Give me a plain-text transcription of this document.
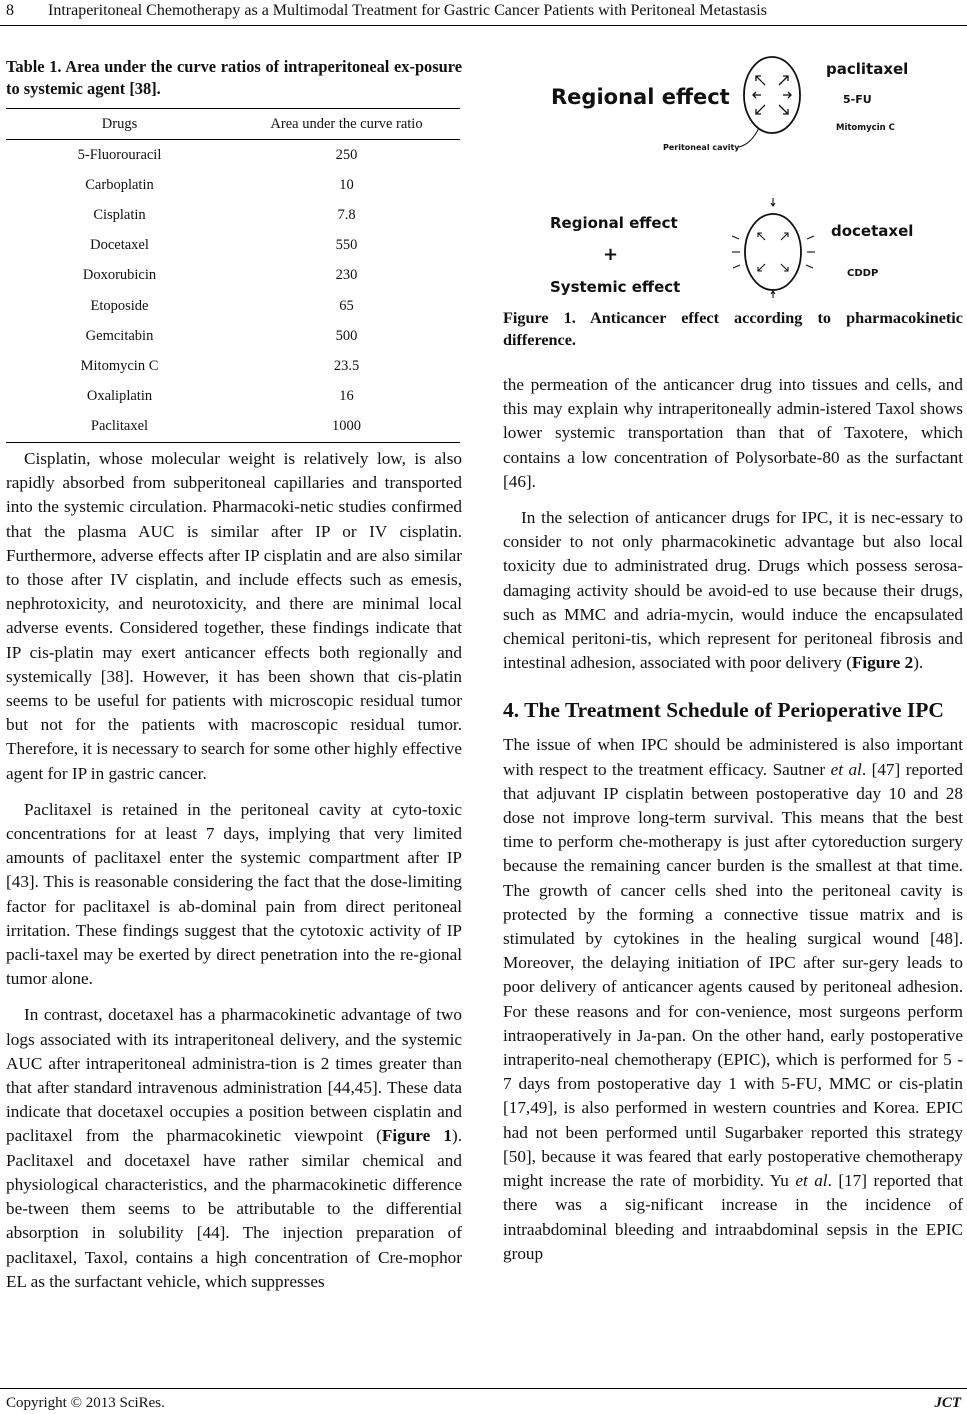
8 Intraperitoneal Chemotherapy as a Multimodal Treatment for Gastric Cancer Patients with Peritoneal Metastasis
Table 1. Area under the curve ratios of intraperitoneal ex-posure to systemic agent [38].
Drugs	Area under the curve ratio
5-Fluorouracil	250
Carboplatin	10
Cisplatin	7.8
Docetaxel	550
Doxorubicin	230
Etoposide	65
Gemcitabin	500
Mitomycin C	23.5
Oxaliplatin	16
Paclitaxel	1000

Cisplatin, whose molecular weight is relatively low, is also rapidly absorbed from subperitoneal capillaries and transported into the systemic circulation. Pharmacoki-netic studies confirmed that the plasma AUC is similar after IP or IV cisplatin. Furthermore, adverse effects after IP cisplatin and are also similar to those after IV cisplatin, and include effects such as emesis, nephrotoxicity, and neurotoxicity, and there are minimal local adverse events. Considered together, these findings indicate that IP cis-platin may exert anticancer effects both regionally and systemically [38]. However, it has been shown that cis-platin seems to be useful for patients with microscopic residual tumor but not for the patients with macroscopic residual tumor. Therefore, it is necessary to search for some other highly effective agent for IP in gastric cancer.

Paclitaxel is retained in the peritoneal cavity at cyto-toxic concentrations for at least 7 days, implying that very limited amounts of paclitaxel enter the systemic compartment after IP [43]. This is reasonable considering the fact that the dose-limiting factor for paclitaxel is ab-dominal pain from direct peritoneal irritation. These findings suggest that the cytotoxic activity of IP pacli-taxel may be exerted by direct penetration into the re-gional tumor alone.

In contrast, docetaxel has a pharmacokinetic advantage of two logs associated with its intraperitoneal delivery, and the systemic AUC after intraperitoneal administra-tion is 2 times greater than that after standard intravenous administration [44,45]. These data indicate that docetaxel occupies a position between cisplatin and paclitaxel from the pharmacokinetic viewpoint (Figure 1). Paclitaxel and docetaxel have rather similar chemical and physiological characteristics, and the pharmacokinetic difference be-tween them seems to be attributable to the differential absorption in solubility [44]. The injection preparation of paclitaxel, Taxol, contains a high concentration of Cre-mophor EL as the surfactant vehicle, which suppresses

Regional effect
Peritoneal cavity
paclitaxel
5-FU
Mitomycin C
Regional effect
+
Systemic effect
docetaxel
CDDP
Figure 1. Anticancer effect according to pharmacokinetic difference.

the permeation of the anticancer drug into tissues and cells, and this may explain why intraperitoneally admin-istered Taxol shows lower systemic transportation than that of Taxotere, which contains a low concentration of Polysorbate-80 as the surfactant [46].

In the selection of anticancer drugs for IPC, it is nec-essary to consider to not only pharmacokinetic advantage but also local toxicity due to administrated drug. Drugs which possess serosa-damaging activity should be avoid-ed to use because their drugs, such as MMC and adria-mycin, would induce the encapsulated chemical peritoni-tis, which represent for peritoneal fibrosis and intestinal adhesion, associated with poor delivery (Figure 2).

4. The Treatment Schedule of Perioperative IPC

The issue of when IPC should be administered is also important with respect to the treatment efficacy. Sautner et al. [47] reported that adjuvant IP cisplatin between postoperative day 10 and 28 dose not improve long-term survival. This means that the best time to perform che-motherapy is just after cytoreduction surgery because the remaining cancer burden is the smallest at that time. The growth of cancer cells shed into the peritoneal cavity is protected by the forming a connective tissue matrix and is stimulated by cytokines in the healing surgical wound [48]. Moreover, the delaying initiation of IPC after sur-gery leads to poor delivery of anticancer agents caused by peritoneal adhesion. For these reasons and for con-venience, most surgeons perform intraoperatively in Ja-pan. On the other hand, early postoperative intraperito-neal chemotherapy (EPIC), which is performed for 5 - 7 days from postoperative day 1 with 5-FU, MMC or cis-platin [17,49], is also performed in western countries and Korea. EPIC had not been performed until Sugarbaker reported this strategy [50], because it was feared that early postoperative chemotherapy might increase the rate of morbidity. Yu et al. [17] reported that there was a sig-nificant increase in the incidence of intraabdominal bleeding and intraabdominal sepsis in the EPIC group

Copyright © 2013 SciRes.	JCT
